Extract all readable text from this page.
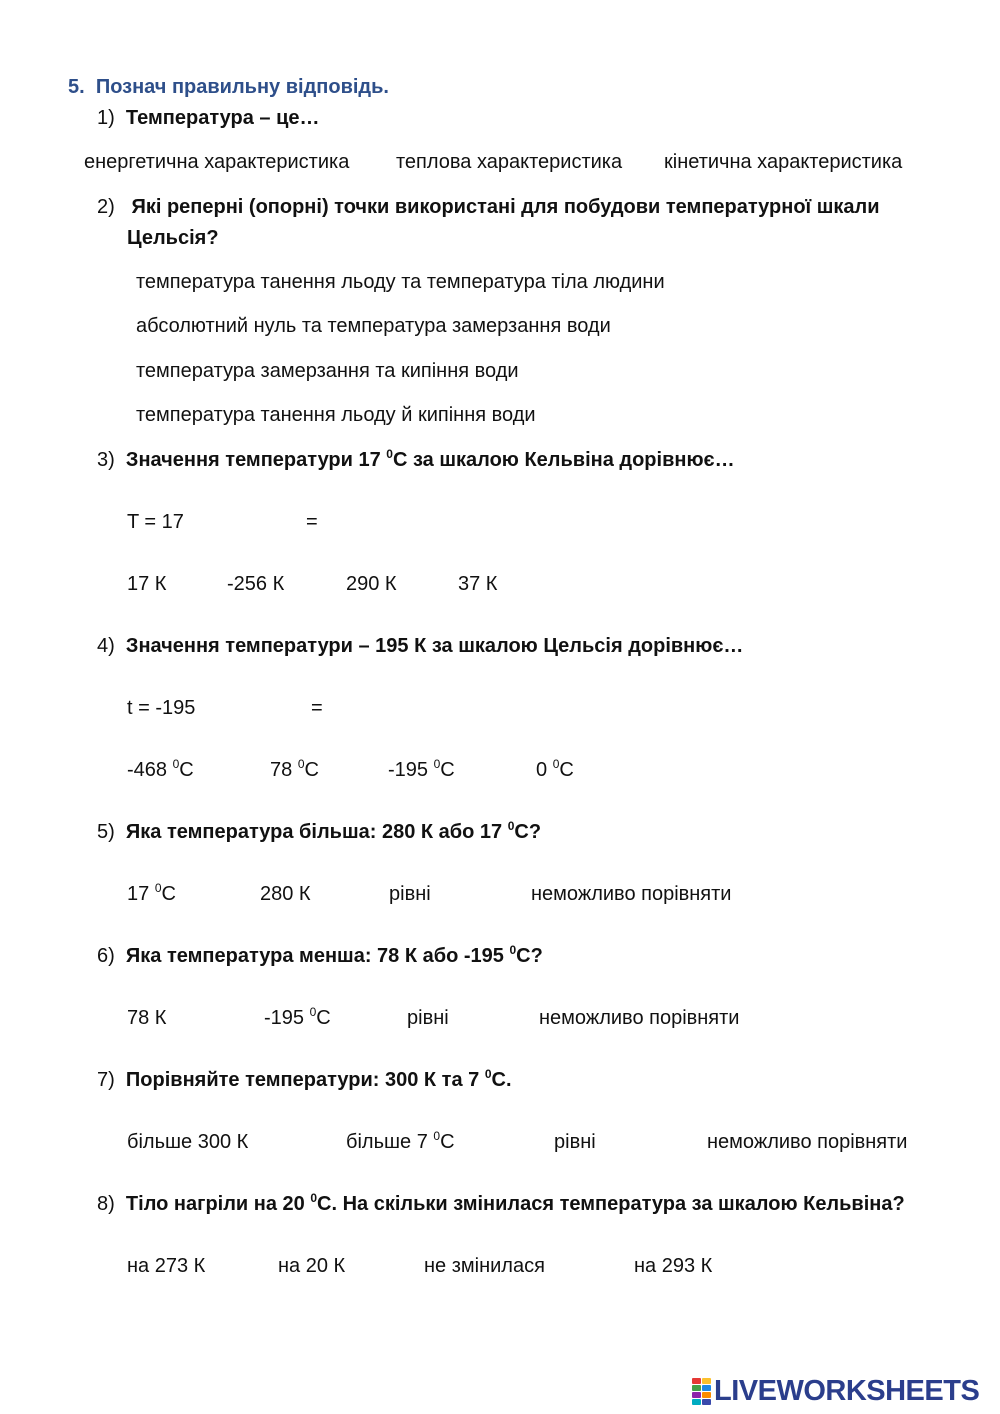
5. Познач правильну відповідь.
1) Температура – це…
енергетична характеристика теплова характеристика кінетична характеристика
2) Які реперні (опорні) точки використані для побудови температурної шкали
Цельсія?
температура танення льоду та температура тіла людини
абсолютний нуль та температура замерзання води
температура замерзання та кипіння води
температура танення льоду й кипіння води
3) Значення температури 17 $^0$С за шкалою Кельвіна дорівнює…
T = 17	=
17 К	-256 К	290 К	37 К
4) Значення температури – 195 К за шкалою Цельсія дорівнює…
t = -195	=
-468 $^0$С	78 $^0$С	-195 $^0$С	0 $^0$С
5) Яка температура більша: 280 К або 17 $^0$С?
17 $^0$С	280 К	рівні	неможливо порівняти
6) Яка температура менша: 78 К або -195 $^0$С?
78 К	-195 $^0$С	рівні	неможливо порівняти
7) Порівняйте температури: 300 К та 7 $^0$С.
більше 300 К	більше 7 $^0$С	рівні	неможливо порівняти
8) Тіло нагріли на 20 $^0$С. На скільки змінилася температура за шкалою Кельвіна?
на 273 К	на 20 К	не змінилася	на 293 К
LIVEWORKSHEETS
